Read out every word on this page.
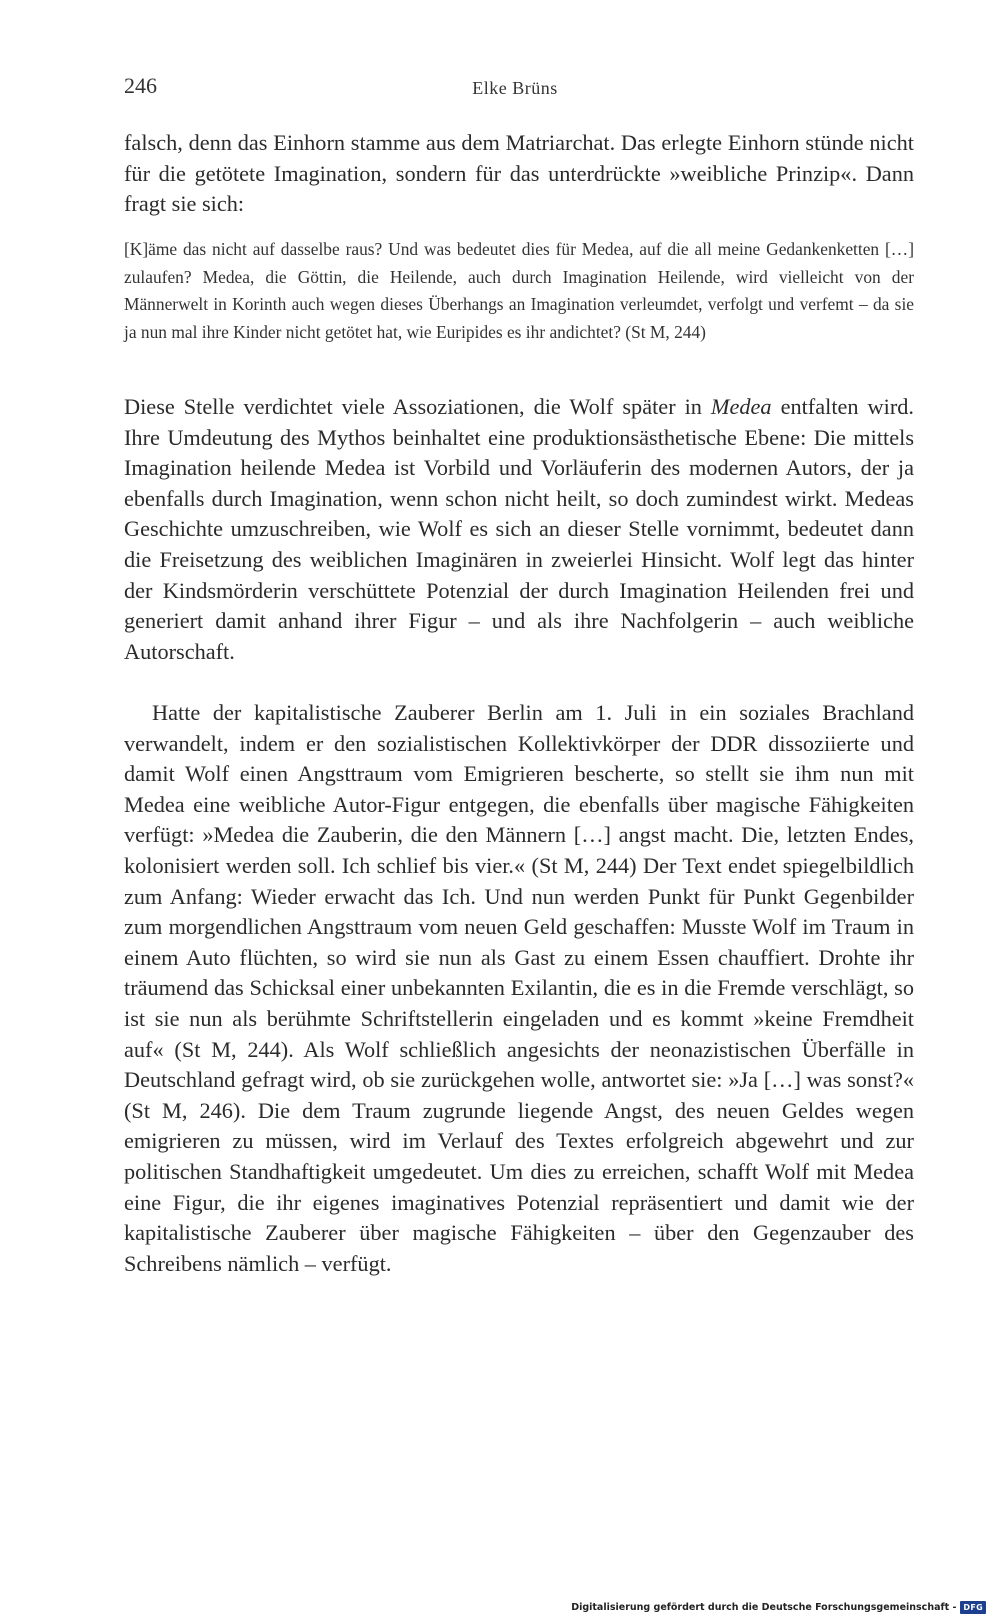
246	Elke Brüns

falsch, denn das Einhorn stamme aus dem Matriarchat. Das erlegte Einhorn stünde nicht für die getötete Imagination, sondern für das unterdrückte »weibliche Prinzip«. Dann fragt sie sich:

[K]äme das nicht auf dasselbe raus? Und was bedeutet dies für Medea, auf die all meine Gedankenketten […] zulaufen? Medea, die Göttin, die Heilende, auch durch Imagination Heilende, wird vielleicht von der Männerwelt in Korinth auch wegen dieses Überhangs an Imagination verleumdet, verfolgt und verfemt – da sie ja nun mal ihre Kinder nicht getötet hat, wie Euripides es ihr andichtet? (St M, 244)

Diese Stelle verdichtet viele Assoziationen, die Wolf später in Medea entfalten wird. Ihre Umdeutung des Mythos beinhaltet eine produktionsästhetische Ebene: Die mittels Imagination heilende Medea ist Vorbild und Vorläuferin des modernen Autors, der ja ebenfalls durch Imagination, wenn schon nicht heilt, so doch zumindest wirkt. Medeas Geschichte umzuschreiben, wie Wolf es sich an dieser Stelle vornimmt, bedeutet dann die Freisetzung des weiblichen Imaginären in zweierlei Hinsicht. Wolf legt das hinter der Kindsmörderin verschüttete Potenzial der durch Imagination Heilenden frei und generiert damit anhand ihrer Figur – und als ihre Nachfolgerin – auch weibliche Autorschaft.

Hatte der kapitalistische Zauberer Berlin am 1. Juli in ein soziales Brachland verwandelt, indem er den sozialistischen Kollektivkörper der DDR dissoziierte und damit Wolf einen Angsttraum vom Emigrieren bescherte, so stellt sie ihm nun mit Medea eine weibliche Autor-Figur entgegen, die ebenfalls über magische Fähigkeiten verfügt: »Medea die Zauberin, die den Männern […] angst macht. Die, letzten Endes, kolonisiert werden soll. Ich schlief bis vier.« (St M, 244) Der Text endet spiegelbildlich zum Anfang: Wieder erwacht das Ich. Und nun werden Punkt für Punkt Gegenbilder zum morgendlichen Angsttraum vom neuen Geld geschaffen: Musste Wolf im Traum in einem Auto flüchten, so wird sie nun als Gast zu einem Essen chauffiert. Drohte ihr träumend das Schicksal einer unbekannten Exilantin, die es in die Fremde verschlägt, so ist sie nun als berühmte Schriftstellerin eingeladen und es kommt »keine Fremdheit auf« (St M, 244). Als Wolf schließlich angesichts der neonazistischen Überfälle in Deutschland gefragt wird, ob sie zurückgehen wolle, antwortet sie: »Ja […] was sonst?« (St M, 246). Die dem Traum zugrunde liegende Angst, des neuen Geldes wegen emigrieren zu müssen, wird im Verlauf des Textes erfolgreich abgewehrt und zur politischen Standhaftigkeit umgedeutet. Um dies zu erreichen, schafft Wolf mit Medea eine Figur, die ihr eigenes imaginatives Potenzial repräsentiert und damit wie der kapitalistische Zauberer über magische Fähigkeiten – über den Gegenzauber des Schreibens nämlich – verfügt.

Digitalisierung gefördert durch die Deutsche Forschungsgemeinschaft - DFG
